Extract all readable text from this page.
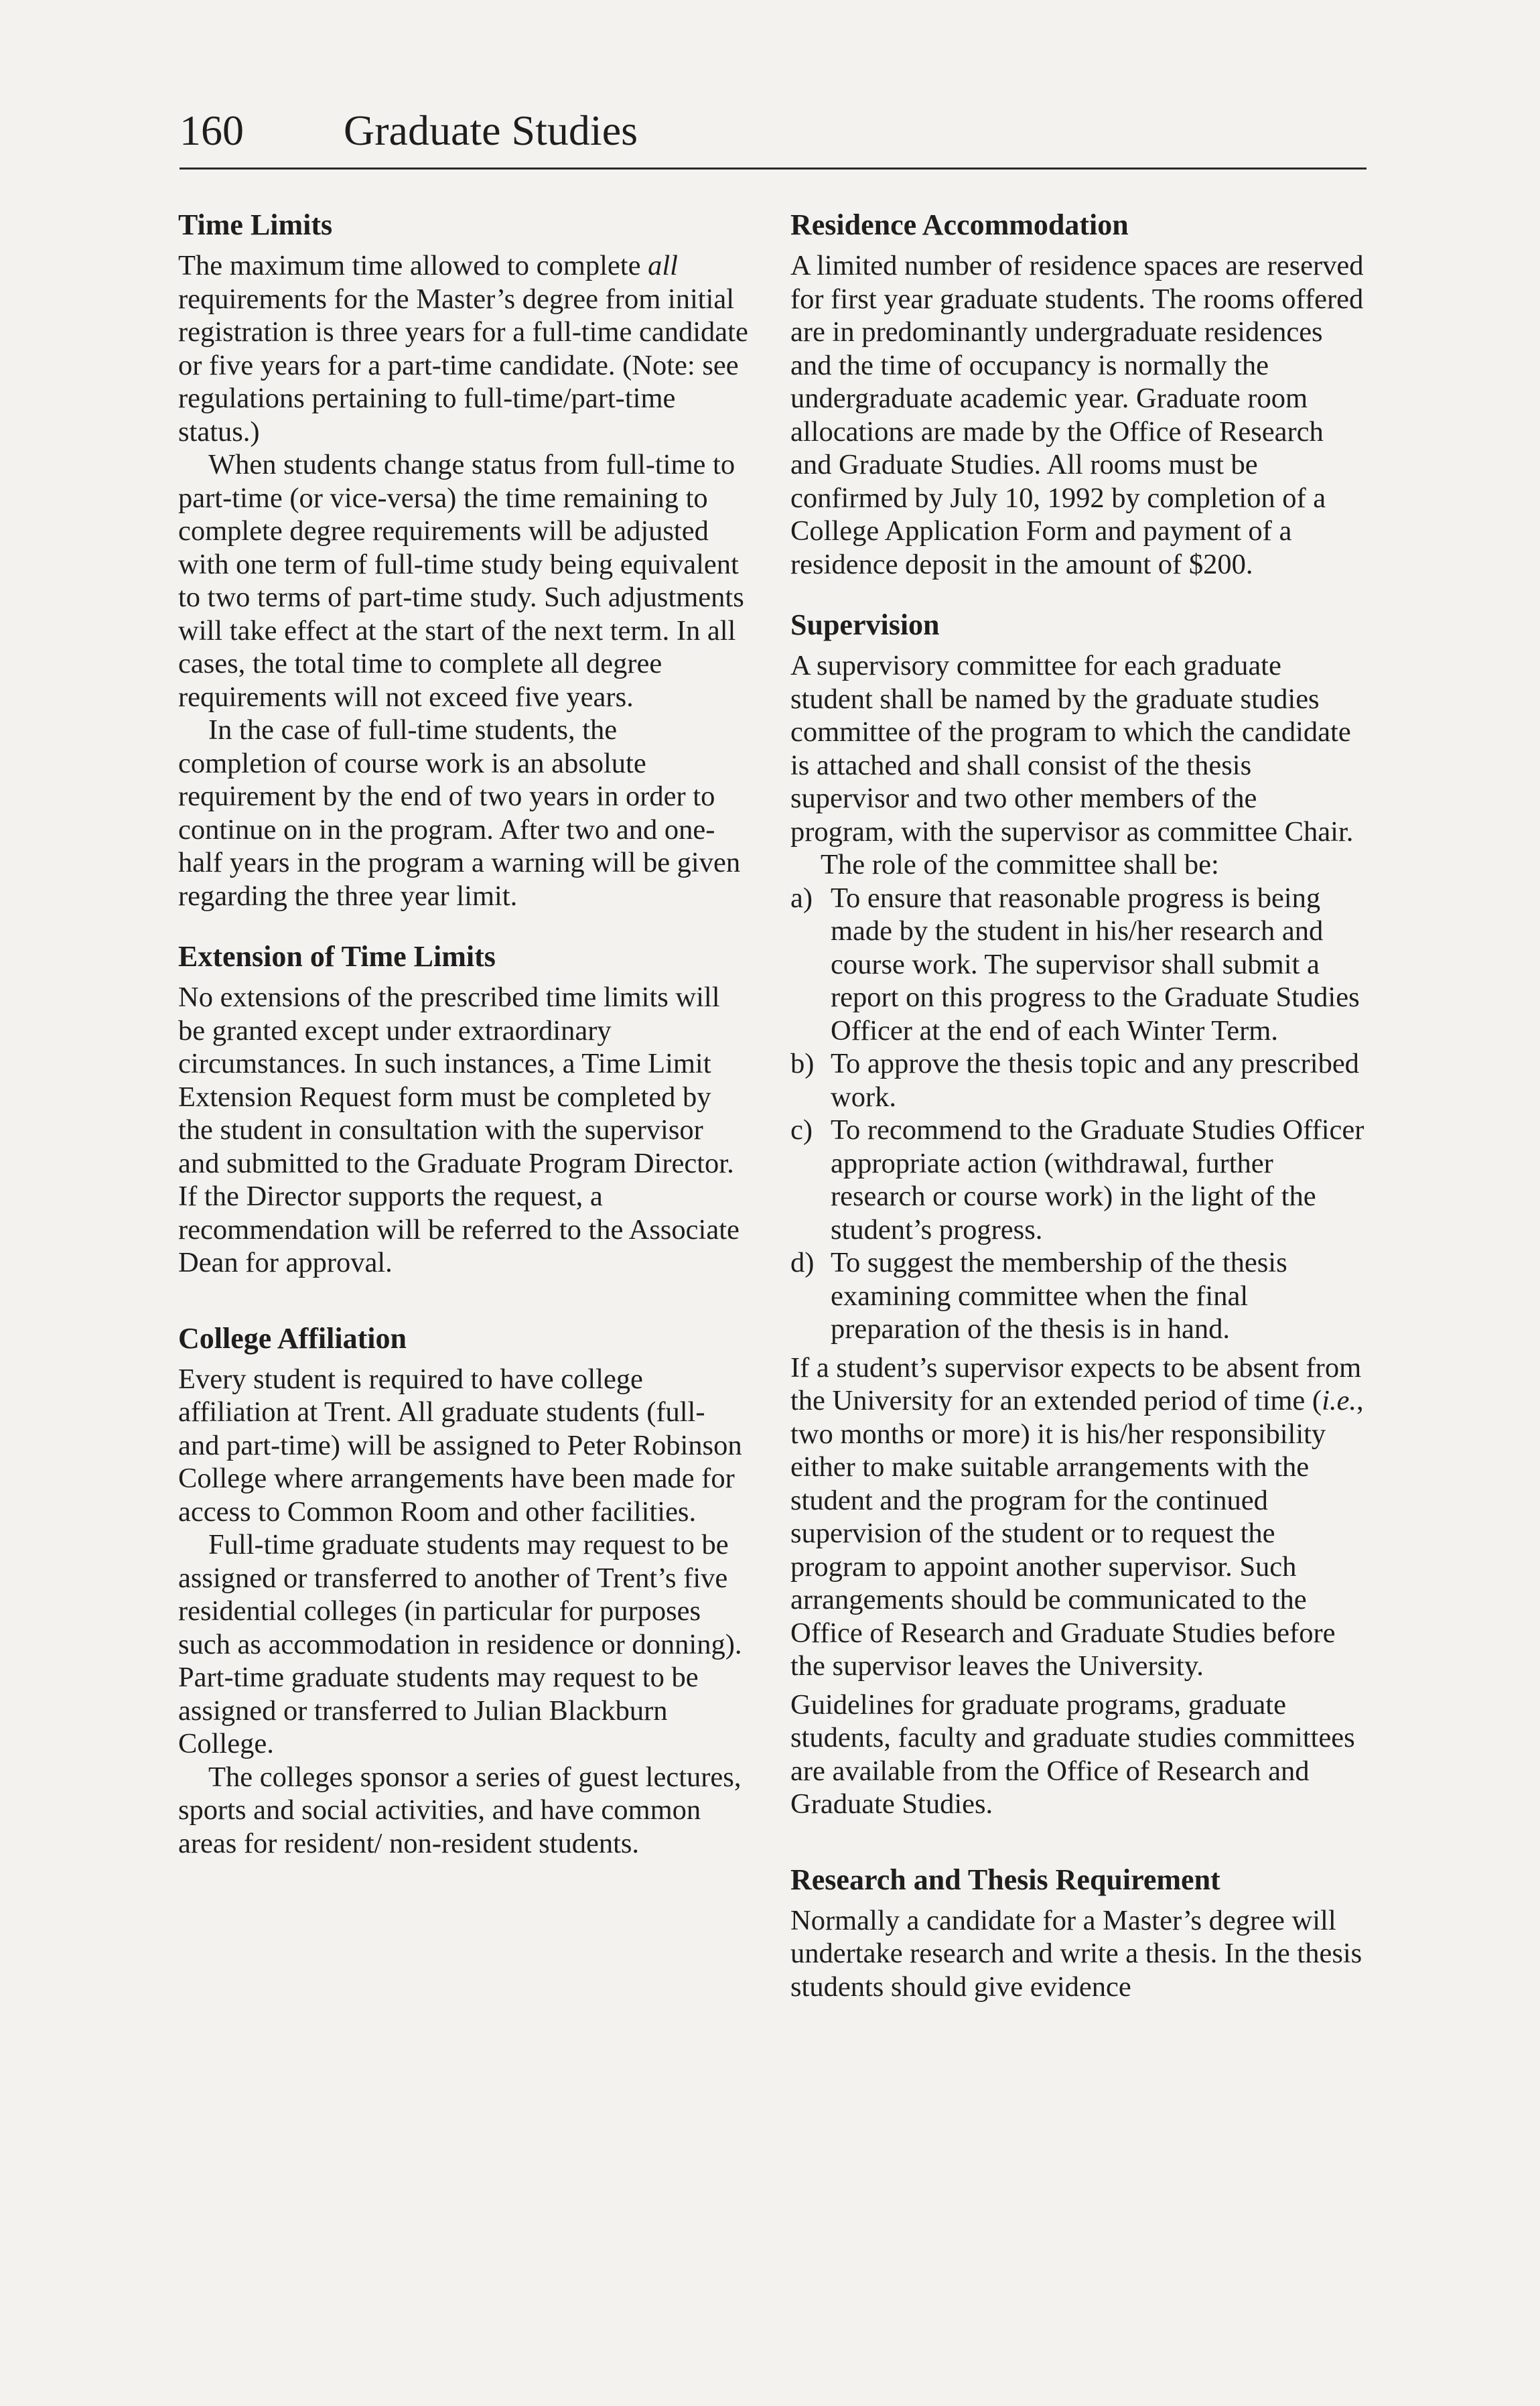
160 Graduate Studies
Time Limits

The maximum time allowed to complete all requirements for the Master’s degree from initial registration is three years for a full-time candidate or five years for a part-time candidate. (Note: see regulations pertaining to full-time/part-time status.)

When students change status from full-time to part-time (or vice-versa) the time remaining to complete degree requirements will be adjusted with one term of full-time study being equivalent to two terms of part-time study. Such adjustments will take effect at the start of the next term. In all cases, the total time to complete all degree requirements will not exceed five years.

In the case of full-time students, the completion of course work is an absolute requirement by the end of two years in order to continue on in the program. After two and one-half years in the program a warning will be given regarding the three year limit.

Extension of Time Limits

No extensions of the prescribed time limits will be granted except under extraordinary circumstances. In such instances, a Time Limit Extension Request form must be completed by the student in consultation with the supervisor and submitted to the Graduate Program Director. If the Director supports the request, a recommendation will be referred to the Associate Dean for approval.

College Affiliation

Every student is required to have college affiliation at Trent. All graduate students (full- and part-time) will be assigned to Peter Robinson College where arrangements have been made for access to Common Room and other facilities.

Full-time graduate students may request to be assigned or transferred to another of Trent’s five residential colleges (in particular for purposes such as accommodation in residence or donning). Part-time graduate students may request to be assigned or transferred to Julian Blackburn College.

The colleges sponsor a series of guest lectures, sports and social activities, and have common areas for resident/ non-resident students.

Residence Accommodation

A limited number of residence spaces are reserved for first year graduate students. The rooms offered are in predominantly undergraduate residences and the time of occupancy is normally the undergraduate academic year. Graduate room allocations are made by the Office of Research and Graduate Studies. All rooms must be confirmed by July 10, 1992 by completion of a College Application Form and payment of a residence deposit in the amount of $200.

Supervision

A supervisory committee for each graduate student shall be named by the graduate studies committee of the program to which the candidate is attached and shall consist of the thesis supervisor and two other members of the program, with the supervisor as committee Chair.

The role of the committee shall be:

a) To ensure that reasonable progress is being made by the student in his/her research and course work. The supervisor shall submit a report on this progress to the Graduate Studies Officer at the end of each Winter Term.
b) To approve the thesis topic and any prescribed work.
c) To recommend to the Graduate Studies Officer appropriate action (withdrawal, further research or course work) in the light of the student’s progress.
d) To suggest the membership of the thesis examining committee when the final preparation of the thesis is in hand.

If a student’s supervisor expects to be absent from the University for an extended period of time (i.e., two months or more) it is his/her responsibility either to make suitable arrangements with the student and the program for the continued supervision of the student or to request the program to appoint another supervisor. Such arrangements should be communicated to the Office of Research and Graduate Studies before the supervisor leaves the University.

Guidelines for graduate programs, graduate students, faculty and graduate studies committees are available from the Office of Research and Graduate Studies.

Research and Thesis Requirement

Normally a candidate for a Master’s degree will undertake research and write a thesis. In the thesis students should give evidence
